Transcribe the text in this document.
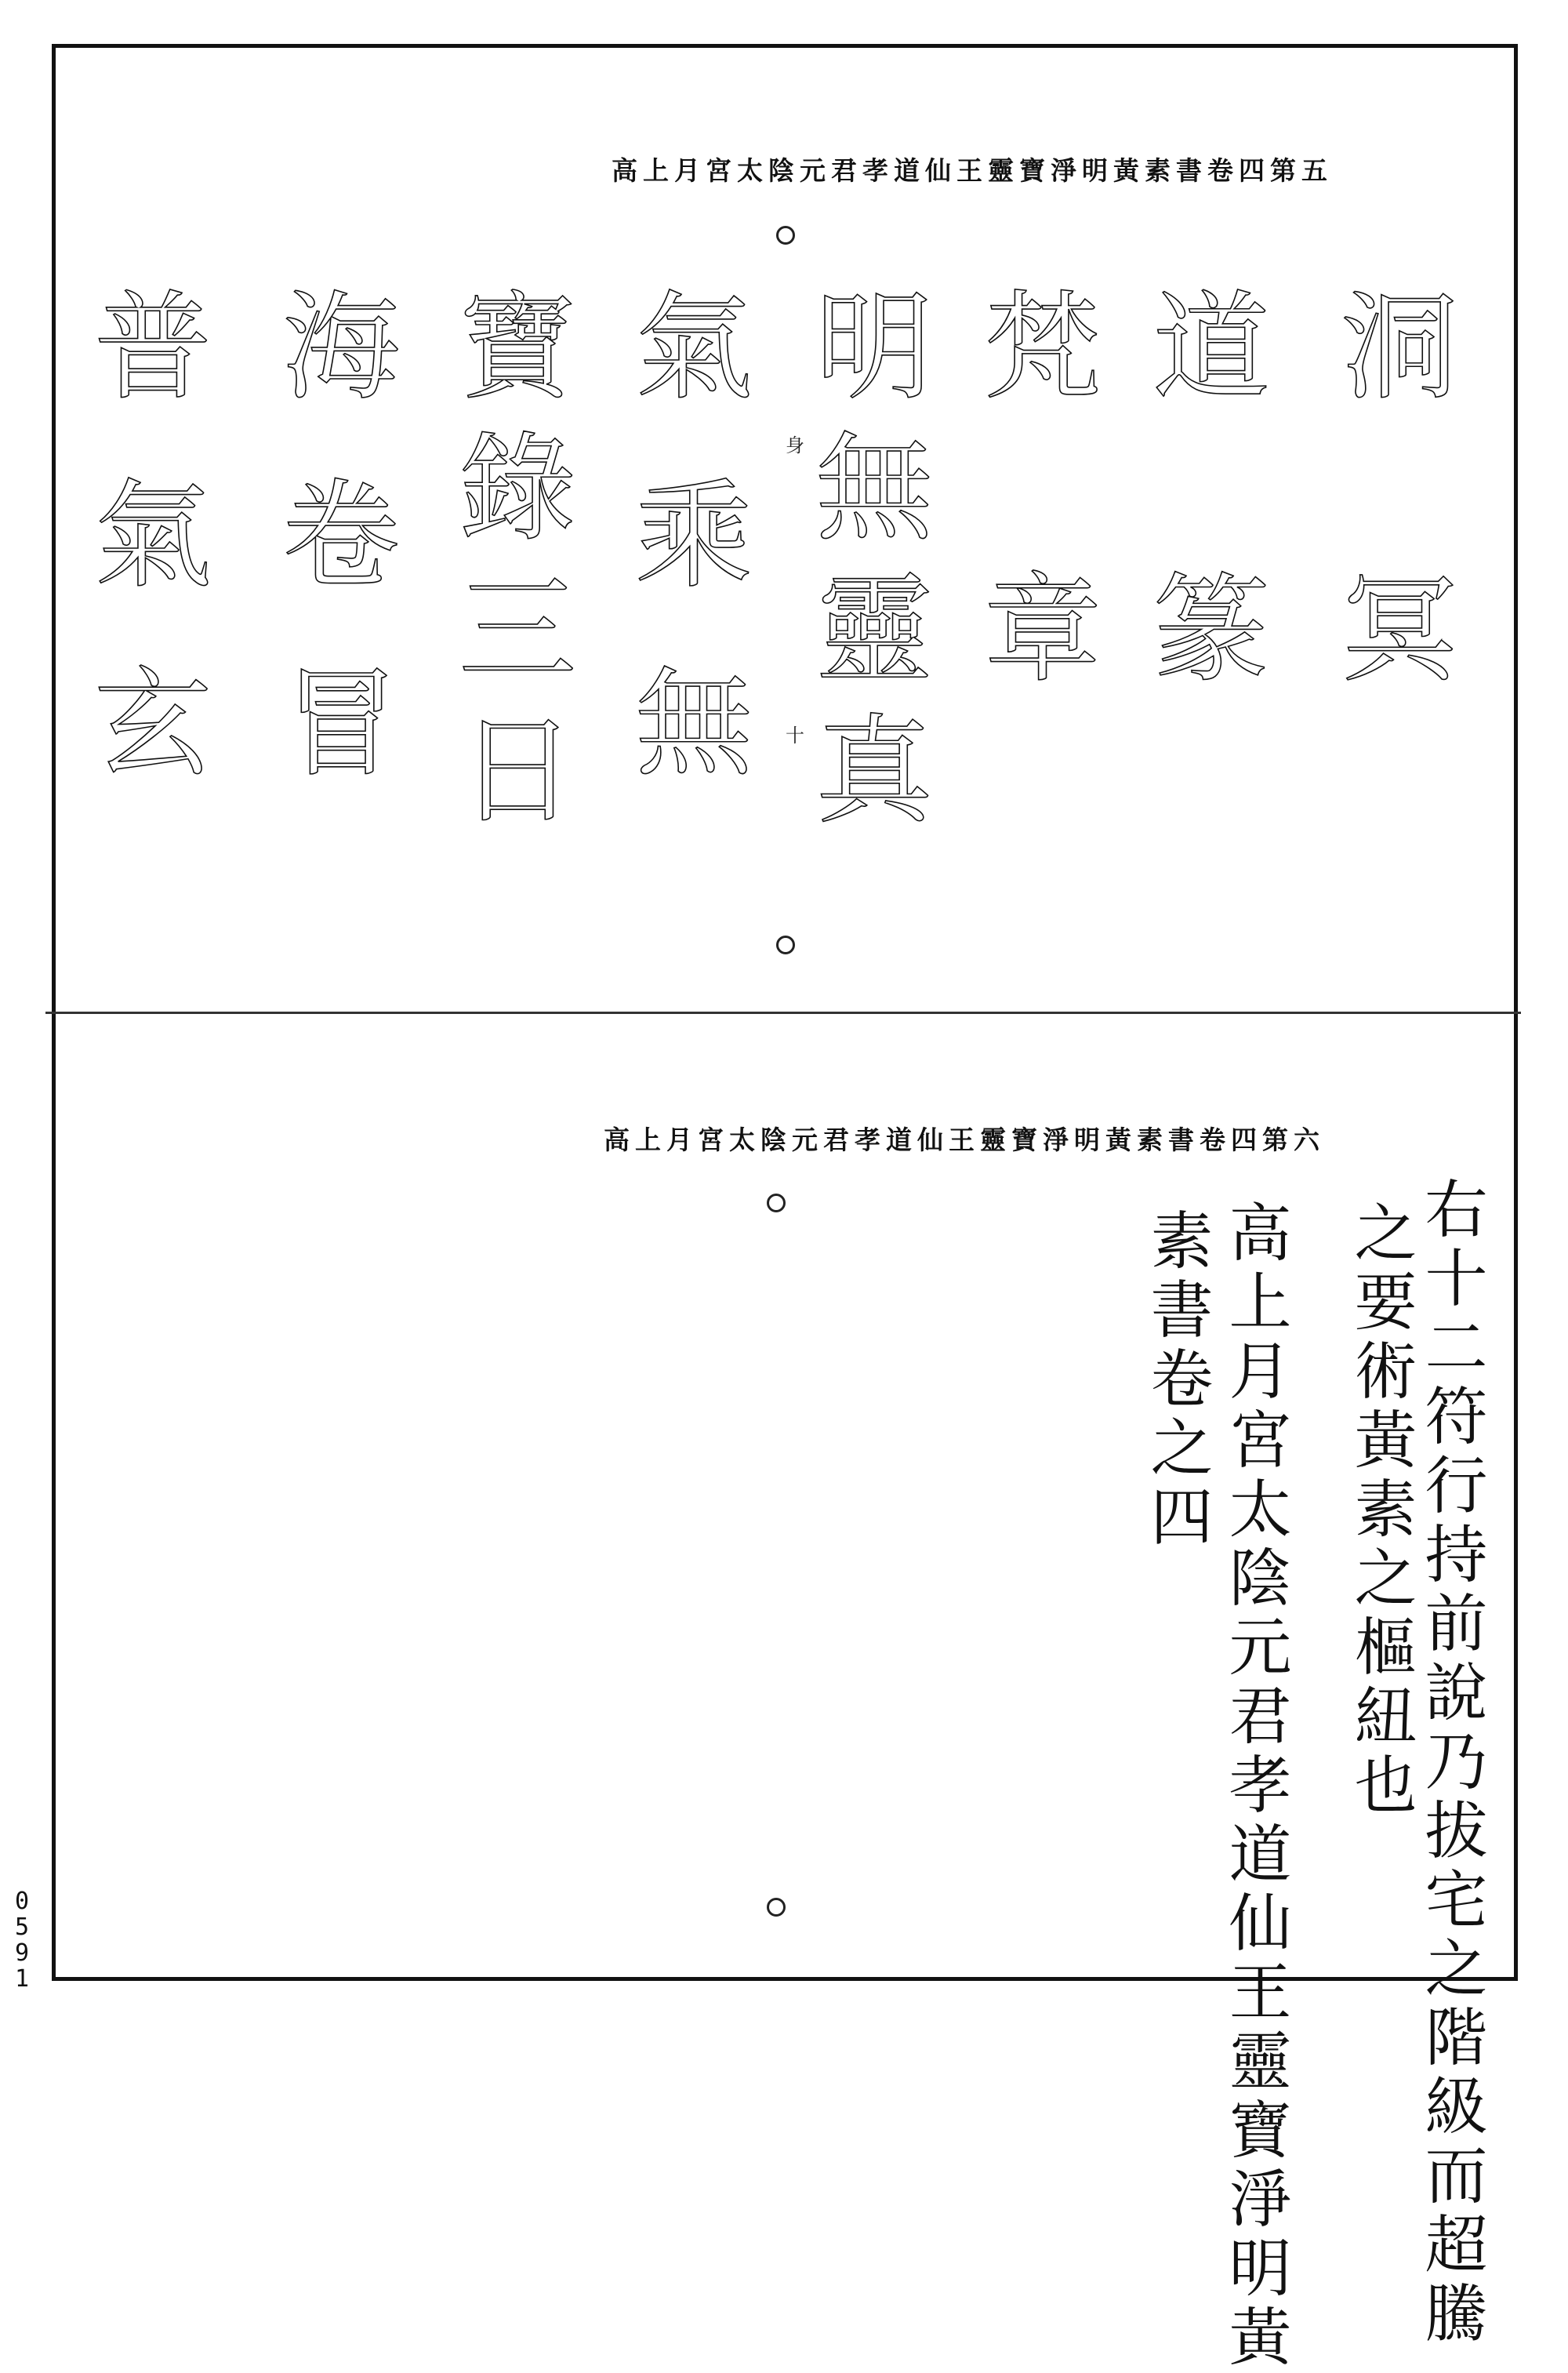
高上月宮太陰元君孝道仙王靈寶淨明黃素書卷四第五
身
十
洞冥
道篆
梵章
明無靈真
氣乘無
寶錄三日
海卷冒
普氣玄
高上月宮太陰元君孝道仙王靈寶淨明黃素書卷四第六
右十二符行持前說乃拔宅之階級而超騰
之要術黃素之樞紐也
高上月宮太陰元君孝道仙王靈寶淨明黃
素書卷之四
0591
